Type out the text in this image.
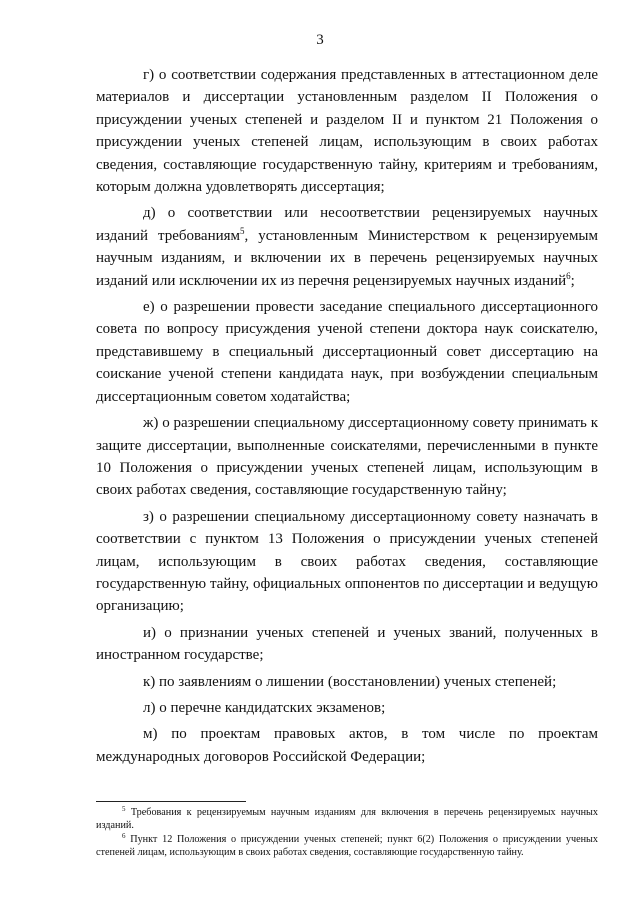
3

г) о соответствии содержания представленных в аттестационном деле материалов и диссертации установленным разделом II Положения о присуждении ученых степеней и разделом II и пунктом 21 Положения о присуждении ученых степеней лицам, использующим в своих работах сведения, составляющие государственную тайну, критериям и требованиям, которым должна удовлетворять диссертация;

д) о соответствии или несоответствии рецензируемых научных изданий требованиям$^5$, установленным Министерством к рецензируемым научным изданиям, и включении их в перечень рецензируемых научных изданий или исключении их из перечня рецензируемых научных изданий$^6$;

е) о разрешении провести заседание специального диссертационного совета по вопросу присуждения ученой степени доктора наук соискателю, представившему в специальный диссертационный совет диссертацию на соискание ученой степени кандидата наук, при возбуждении специальным диссертационным советом ходатайства;

ж) о разрешении специальному диссертационному совету принимать к защите диссертации, выполненные соискателями, перечисленными в пункте 10 Положения о присуждении ученых степеней лицам, использующим в своих работах сведения, составляющие государственную тайну;

з) о разрешении специальному диссертационному совету назначать в соответствии с пунктом 13 Положения о присуждении ученых степеней лицам, использующим в своих работах сведения, составляющие государственную тайну, официальных оппонентов по диссертации и ведущую организацию;

и) о признании ученых степеней и ученых званий, полученных в иностранном государстве;

к) по заявлениям о лишении (восстановлении) ученых степеней;

л) о перечне кандидатских экзаменов;

м) по проектам правовых актов, в том числе по проектам международных договоров Российской Федерации;

$^5$ Требования к рецензируемым научным изданиям для включения в перечень рецензируемых научных изданий.

$^6$ Пункт 12 Положения о присуждении ученых степеней; пункт 6(2) Положения о присуждении ученых степеней лицам, использующим в своих работах сведения, составляющие государственную тайну.
